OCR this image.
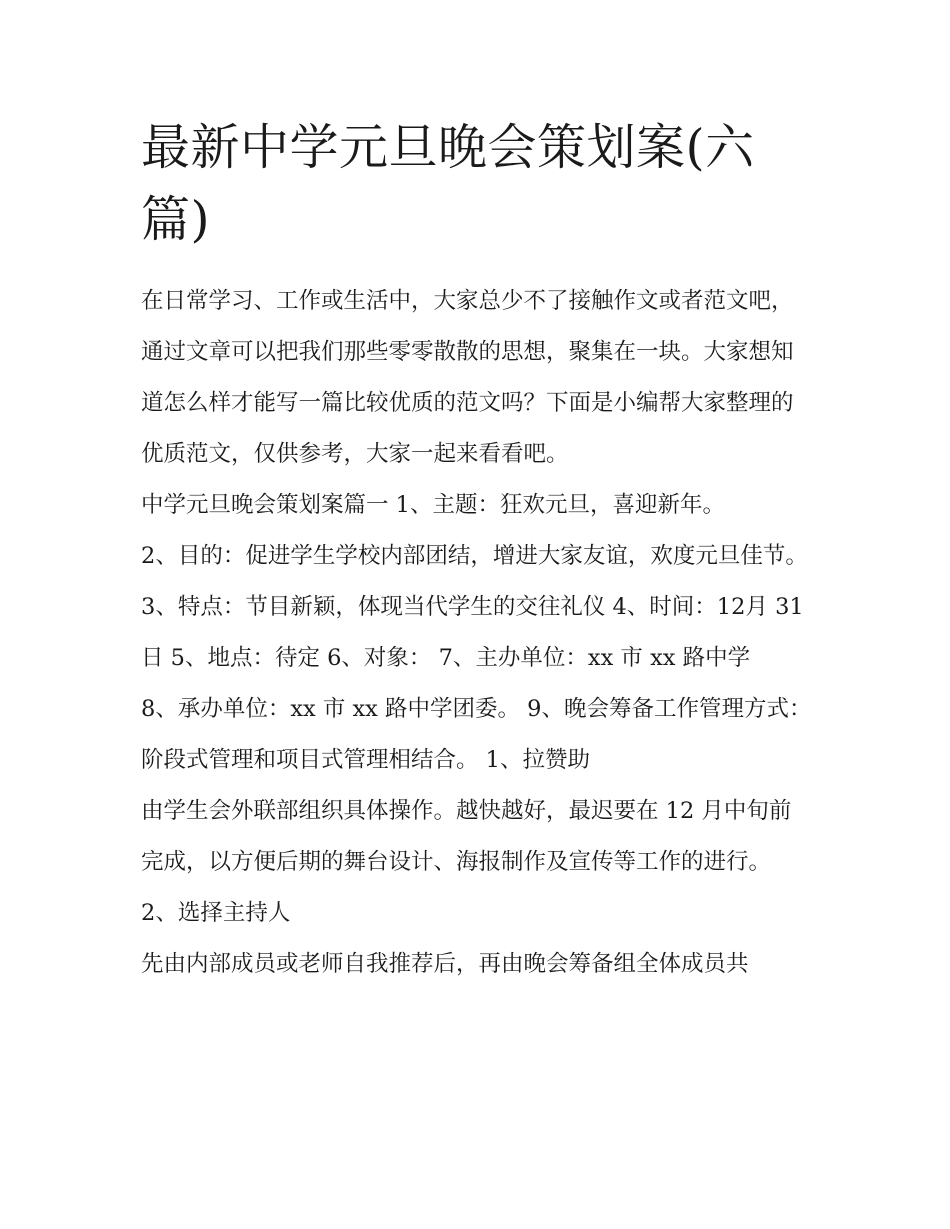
最新中学元旦晚会策划案(六篇)

在日常学习、工作或生活中，大家总少不了接触作文或者范文吧，通过文章可以把我们那些零零散散的思想，聚集在一块。大家想知道怎么样才能写一篇比较优质的范文吗？下面是小编帮大家整理的优质范文，仅供参考，大家一起来看看吧。

中学元旦晚会策划案篇一 1、主题：狂欢元旦，喜迎新年。

2、目的：促进学生学校内部团结，增进大家友谊，欢度元旦佳节。

3、特点：节目新颖，体现当代学生的交往礼仪 4、时间：12月 31 日 5、地点：待定 6、对象： 7、主办单位：xx 市 xx 路中学

8、承办单位：xx 市 xx 路中学团委。 9、晚会筹备工作管理方式：阶段式管理和项目式管理相结合。 1、拉赞助

由学生会外联部组织具体操作。越快越好，最迟要在 12 月中旬前完成，以方便后期的舞台设计、海报制作及宣传等工作的进行。 2、选择主持人

先由内部成员或老师自我推荐后，再由晚会筹备组全体成员共
